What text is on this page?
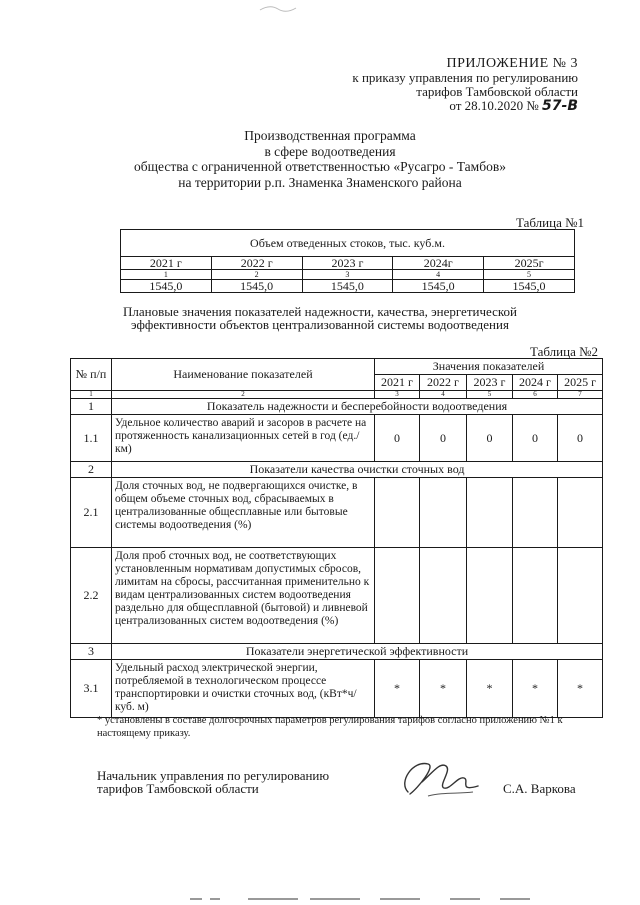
ПРИЛОЖЕНИЕ № 3
к приказу управления по регулированию
тарифов Тамбовской области
от 28.10.2020 № 57-В
Производственная программа
в сфере водоотведения
общества с ограниченной ответственностью «Русагро - Тамбов»
на территории р.п. Знаменка Знаменского района
Таблица №1
Объем отведенных стоков, тыс. куб.м.				
2021 г	2022 г	2023 г	2024г	2025г
1	2	3	4	5
1545,0	1545,0	1545,0	1545,0	1545,0
Плановые значения показателей надежности, качества, энергетической
эффективности объектов централизованной системы водоотведения
Таблица №2
№ п/п	Наименование показателей	Значения показателей				
		2021 г	2022 г	2023 г	2024 г	2025 г
1	2	3	4	5	6	7
1	Показатель надежности и бесперебойности водоотведения					
1.1	Удельное количество аварий и засоров в расчете на протяженность канализационных сетей в год (ед./км)	0	0	0	0	0
2	Показатели качества очистки сточных вод					
2.1	Доля сточных вод, не подвергающихся очистке, в общем объеме сточных вод, сбрасываемых в централизованные общесплавные или бытовые системы водоотведения (%)					
2.2	Доля проб сточных вод, не соответствующих установленным нормативам допустимых сбросов, лимитам на сбросы, рассчитанная применительно к видам централизованных систем водоотведения раздельно для общесплавной (бытовой) и ливневой централизованных систем водоотведения (%)					
3	Показатели энергетической эффективности					
3.1	Удельный расход электрической энергии, потребляемой в технологическом процессе транспортировки и очистки сточных вод, (кВт*ч/куб. м)	*	*	*	*	*
* установлены в составе долгосрочных параметров регулирования тарифов согласно приложению №1 к настоящему приказу.
Начальник управления по регулированию
тарифов Тамбовской области	С.А. Варкова
